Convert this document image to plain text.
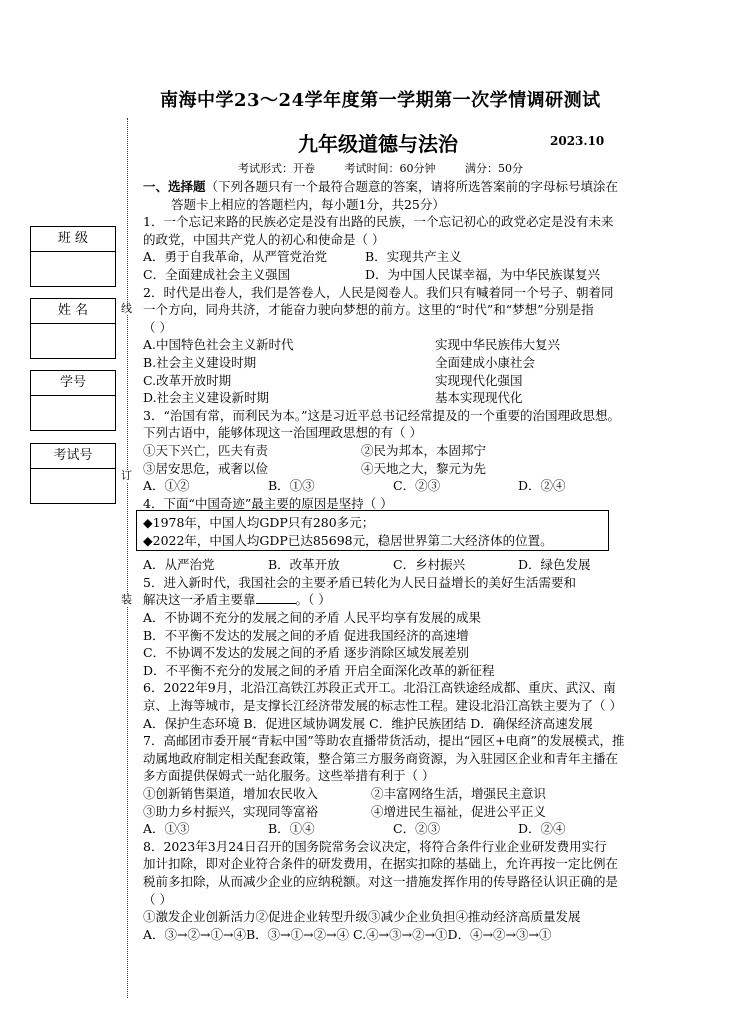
南海中学23～24学年度第一学期第一次学情调研测试
九年级道德与法治	2023.10
考试形式：开卷	考试时间：60分钟	满分：50分
班 级
姓 名
学号
考试号
线
订
装

一、选择题（下列各题只有一个最符合题意的答案，请将所选答案前的字母标号填涂在

答题卡上相应的答题栏内，每小题1分，共25分）

1．一个忘记来路的民族必定是没有出路的民族，一个忘记初心的政党必定是没有未来

的政党，中国共产党人的初心和使命是（ ）

A．勇于自我革命，从严管党治党	B．实现共产主义
C．全面建成社会主义强国	D．为中国人民谋幸福，为中华民族谋复兴

2．时代是出卷人，我们是答卷人，人民是阅卷人。我们只有喊着同一个号子、朝着同

一个方向，同舟共济，才能奋力驶向梦想的前方。这里的“时代”和“梦想”分别是指

（ ）

A.中国特色社会主义新时代	实现中华民族伟大复兴
B.社会主义建设时期	全面建成小康社会
C.改革开放时期	实现现代化强国
D.社会主义建设新时期	基本实现现代化

3．“治国有常，而利民为本。”这是习近平总书记经常提及的一个重要的治国理政思想。

下列古语中，能够体现这一治国理政思想的有（ ）

①天下兴亡，匹夫有责	②民为邦本，本固邦宁
③居安思危，戒奢以俭	④天地之大，黎元为先
A．①②	B．①③	C．②③	D．②④

4．下面“中国奇迹”最主要的原因是坚持（ ）

A．从严治党	B．改革开放	C．乡村振兴	D．绿色发展

5．进入新时代，我国社会的主要矛盾已转化为人民日益增长的美好生活需要和

解决这一矛盾主要靠	。（ ）

A．不协调不充分的发展之间的矛盾 人民平均享有发展的成果

B．不平衡不发达的发展之间的矛盾 促进我国经济的高速增

C．不协调不发达的发展之间的矛盾 逐步消除区域发展差别

D．不平衡不充分的发展之间的矛盾 开启全面深化改革的新征程

6．2022年9月，北沿江高铁江苏段正式开工。北沿江高铁途经成都、重庆、武汉、南

京、上海等城市，是支撑长江经济带发展的标志性工程。建设北沿江高铁主要为了（ ）

A．保护生态环境 B．促进区域协调发展 C．维护民族团结 D．确保经济高速发展

7．高邮团市委开展“青耘中国”等助农直播带货活动，提出“园区+电商”的发展模式，推

动属地政府制定相关配套政策，整合第三方服务商资源，为入驻园区企业和青年主播在

多方面提供保姆式一站化服务。这些举措有利于（ ）

①创新销售渠道，增加农民收入	②丰富网络生活，增强民主意识
③助力乡村振兴，实现同等富裕	④增进民生福祉，促进公平正义
A．①③	B．①④	C．②③	D．②④

8．2023年3月24日召开的国务院常务会议决定，将符合条件行业企业研发费用实行

加计扣除，即对企业符合条件的研发费用，在据实扣除的基础上，允许再按一定比例在

税前多扣除，从而减少企业的应纳税额。对这一措施发挥作用的传导路径认识正确的是

（ ）

①激发企业创新活力②促进企业转型升级③减少企业负担④推动经济高质量发展

A．③→②→①→④B．③→①→②→④ C.④→③→②→①D．④→②→③→①

◆1978年，中国人均GDP只有280多元；

◆2022年，中国人均GDP已达85698元，稳居世界第二大经济体的位置。
